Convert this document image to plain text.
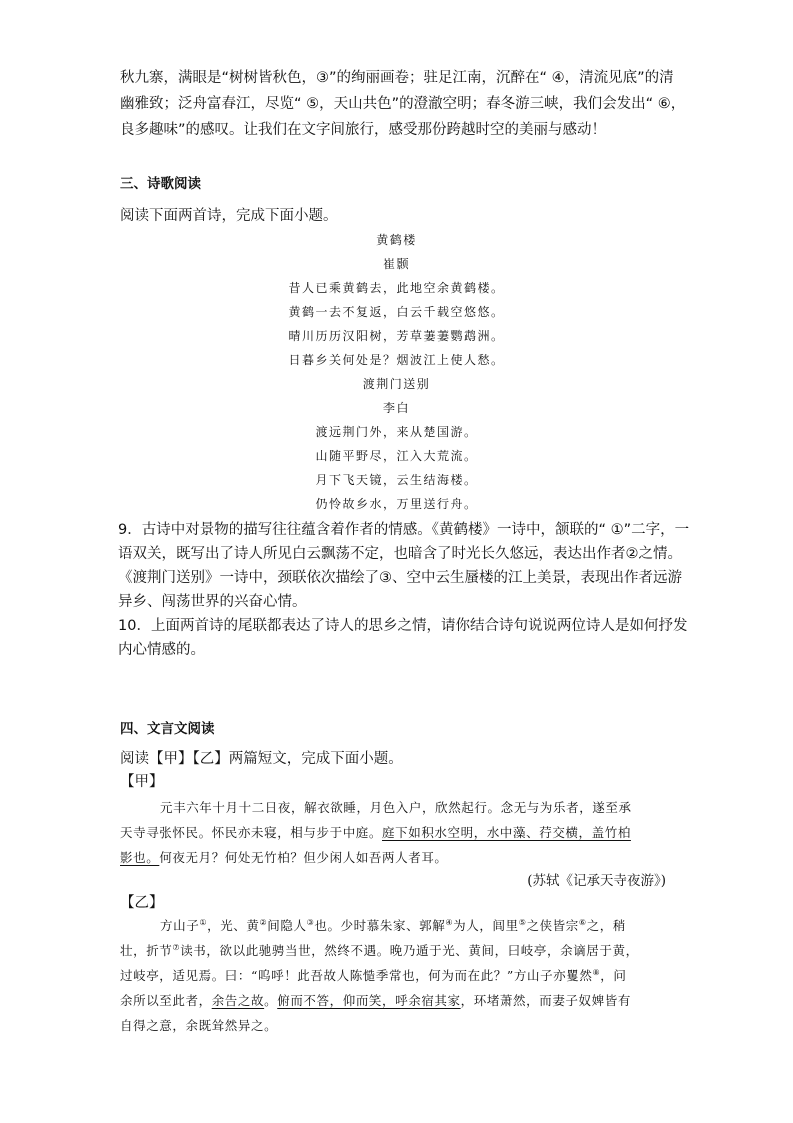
秋九寨，满眼是“树树皆秋色，③”的绚丽画卷；驻足江南，沉醉在“ ④，清流见底”的清
幽雅致；泛舟富春江，尽览“ ⑤，天山共色”的澄澈空明；春冬游三峡，我们会发出“ ⑥，
良多趣味”的感叹。让我们在文字间旅行，感受那份跨越时空的美丽与感动！
三、诗歌阅读
阅读下面两首诗，完成下面小题。
黄鹤楼
崔颢
昔人已乘黄鹤去，此地空余黄鹤楼。
黄鹤一去不复返，白云千载空悠悠。
晴川历历汉阳树，芳草萋萋鹦鹉洲。
日暮乡关何处是？烟波江上使人愁。
渡荆门送别
李白
渡远荆门外，来从楚国游。
山随平野尽，江入大荒流。
月下飞天镜，云生结海楼。
仍怜故乡水，万里送行舟。
9．古诗中对景物的描写往往蕴含着作者的情感。《黄鹤楼》一诗中，颔联的“ ①”二字，一
语双关，既写出了诗人所见白云飘荡不定，也暗含了时光长久悠远，表达出作者②之情。
《渡荆门送别》一诗中，颈联依次描绘了③、空中云生蜃楼的江上美景，表现出作者远游
异乡、闯荡世界的兴奋心情。
10．上面两首诗的尾联都表达了诗人的思乡之情，请你结合诗句说说两位诗人是如何抒发
内心情感的。
四、文言文阅读
阅读【甲】【乙】两篇短文，完成下面小题。
【甲】
元丰六年十月十二日夜，解衣欲睡，月色入户，欣然起行。念无与为乐者，遂至承
天寺寻张怀民。怀民亦未寝，相与步于中庭。庭下如积水空明，水中藻、荇交横，盖竹柏
影也。何夜无月？何处无竹柏？但少闲人如吾两人者耳。
(苏轼《记承天寺夜游》)
【乙】
方山子①，光、黄②间隐人③也。少时慕朱家、郭解④为人，闾里⑤之侠皆宗⑥之，稍
壮，折节⑦读书，欲以此驰骋当世，然终不遇。晚乃遁于光、黄间，曰岐亭，余谪居于黄，
过岐亭，适见焉。曰：“呜呼！此吾故人陈慥季常也，何为而在此？”方山子亦矍然⑧，问
余所以至此者，余告之故。俯而不答，仰而笑，呼余宿其家，环堵萧然，而妻子奴婢皆有
自得之意，余既耸然异之。
